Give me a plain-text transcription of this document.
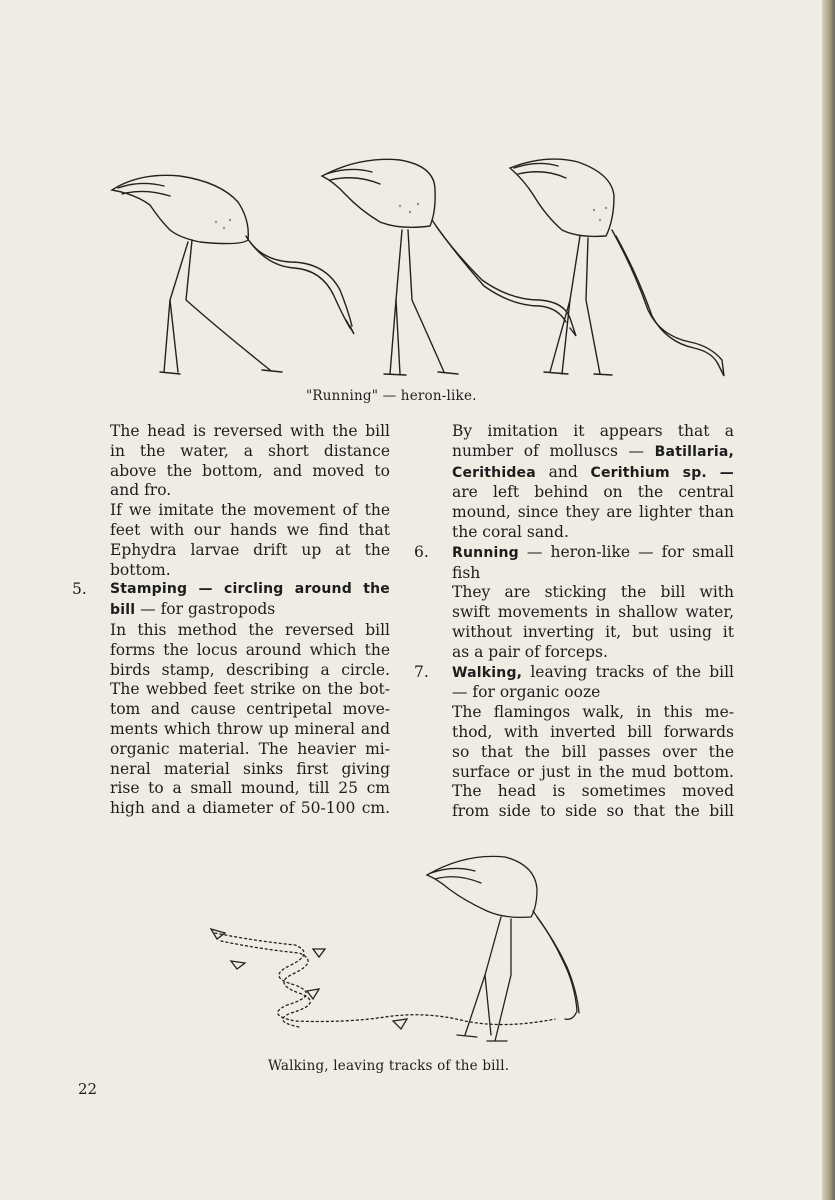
"Running" — heron-like.

The head is reversed with the bill

in the water, a short distance

above the bottom, and moved to

and fro.

If we imitate the movement of the

feet with our hands we find that

Ephydra larvae drift up at the

bottom.

5. Stamping — circling around the

bill — for gastropods

In this method the reversed bill

forms the locus around which the

birds stamp, describing a circle.

The webbed feet strike on the bot-

tom and cause centripetal move-

ments which throw up mineral and

organic material. The heavier mi-

neral material sinks first giving

rise to a small mound, till 25 cm

high and a diameter of 50-100 cm.

By imitation it appears that a

number of molluscs — Batillaria,

Cerithidea and Cerithium sp. —

are left behind on the central

mound, since they are lighter than

the coral sand.

6. Running — heron-like — for small

fish

They are sticking the bill with

swift movements in shallow water,

without inverting it, but using it

as a pair of forceps.

7. Walking, leaving tracks of the bill

— for organic ooze

The flamingos walk, in this me-

thod, with inverted bill forwards

so that the bill passes over the

surface or just in the mud bottom.

The head is sometimes moved

from side to side so that the bill

Walking, leaving tracks of the bill.
22
